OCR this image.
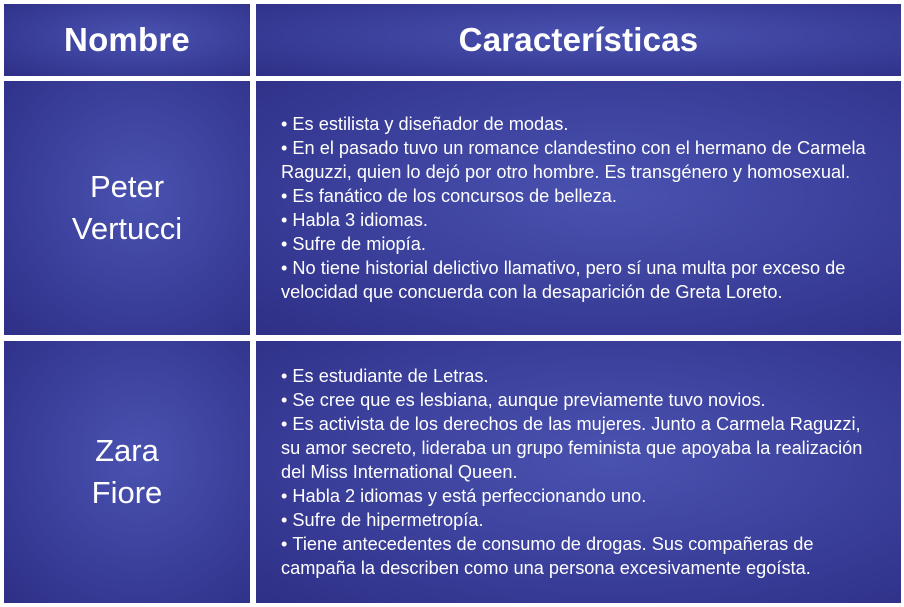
Nombre	Características
Peter
Vertucci
• Es estilista y diseñador de modas.
• En el pasado tuvo un romance clandestino con el hermano de Carmela Raguzzi, quien lo dejó por otro hombre. Es transgénero y homosexual.
• Es fanático de los concursos de belleza.
• Habla 3 idiomas.
• Sufre de miopía.
• No tiene historial delictivo llamativo, pero sí una multa por exceso de velocidad que concuerda con la desaparición de Greta Loreto.
Zara
Fiore
• Es estudiante de Letras.
• Se cree que es lesbiana, aunque previamente tuvo novios.
• Es activista de los derechos de las mujeres. Junto a Carmela Raguzzi, su amor secreto, lideraba un grupo feminista que apoyaba la realización del Miss International Queen.
• Habla 2 idiomas y está perfeccionando uno.
• Sufre de hipermetropía.
• Tiene antecedentes de consumo de drogas. Sus compañeras de campaña la describen como una persona excesivamente egoísta.
